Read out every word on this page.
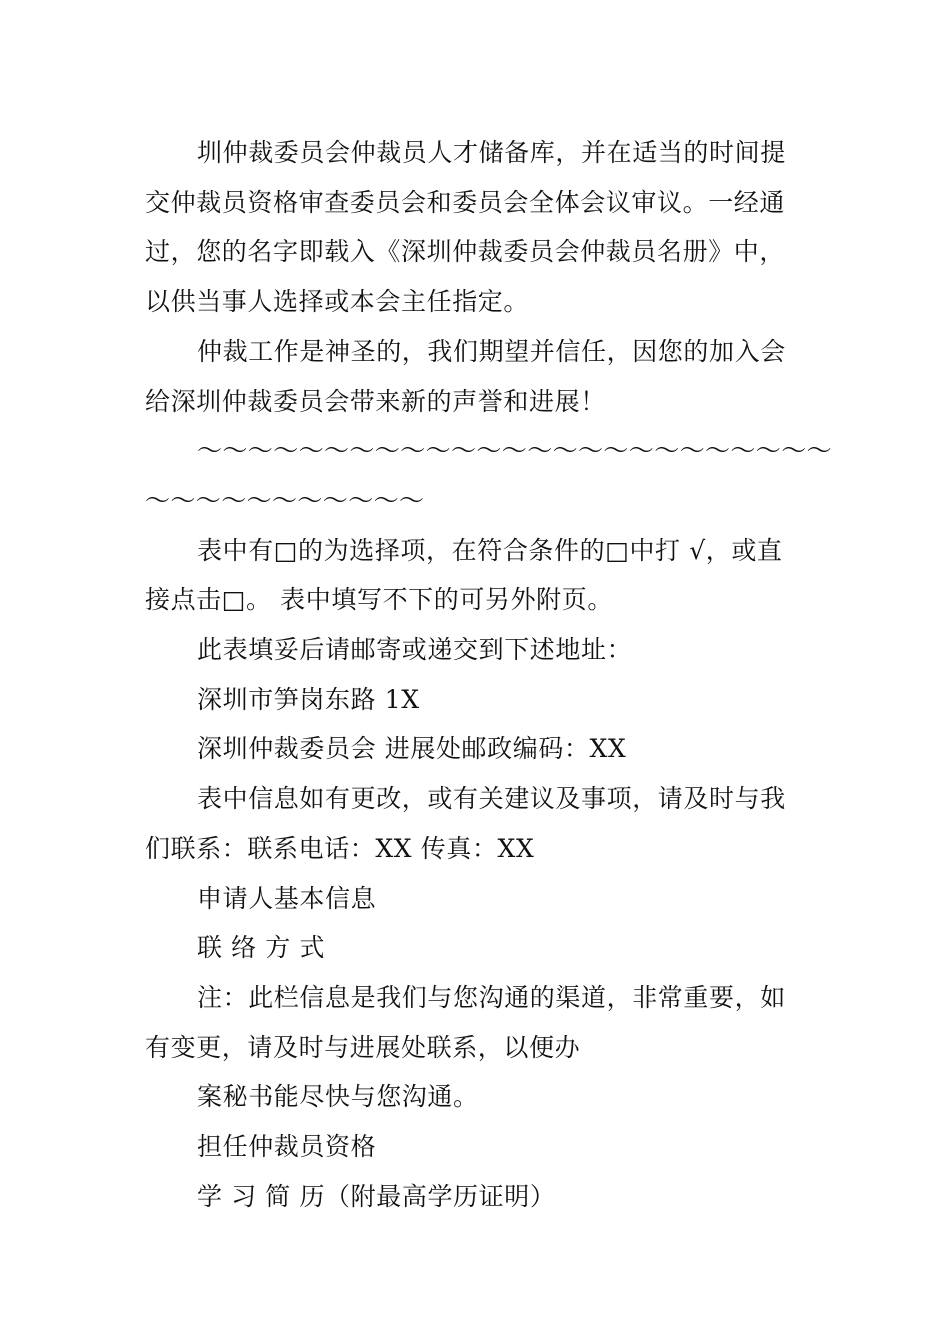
圳仲裁委员会仲裁员人才储备库，并在适当的时间提

交仲裁员资格审查委员会和委员会全体会议审议。一经通

过，您的名字即载入《深圳仲裁委员会仲裁员名册》中，

以供当事人选择或本会主任指定。

仲裁工作是神圣的，我们期望并信任，因您的加入会

给深圳仲裁委员会带来新的声誉和进展！

～～～～～～～～～～～～～～～～～～～～～～～～～

～～～～～～～～～～～

表中有□的为选择项，在符合条件的□中打 √，或直

接点击□。 表中填写不下的可另外附页。

此表填妥后请邮寄或递交到下述地址：

深圳市笋岗东路 1X

深圳仲裁委员会 进展处邮政编码：XX

表中信息如有更改，或有关建议及事项，请及时与我

们联系：联系电话：XX 传真：XX

申请人基本信息

联 络 方 式

注：此栏信息是我们与您沟通的渠道，非常重要，如

有变更，请及时与进展处联系，以便办

案秘书能尽快与您沟通。

担任仲裁员资格

学 习 简 历（附最高学历证明）
